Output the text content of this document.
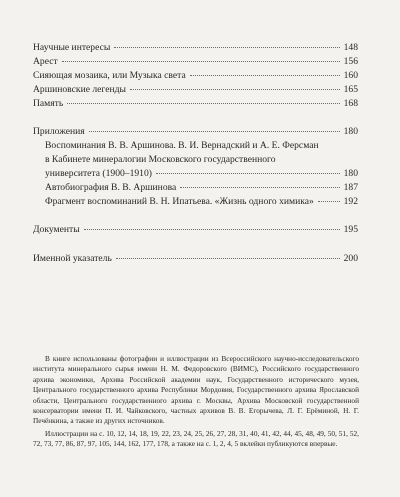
Научные интересы	148
Арест	156
Сияющая мозаика, или Музыка света	160
Аршиновские легенды	165
Память	168
Приложения	180
Воспоминания В. В. Аршинова. В. И. Вернадский и А. Е. Ферсман
в Кабинете минералогии Московского государственного
университета (1900–1910)	180
Автобиография В. В. Аршинова	187
Фрагмент воспоминаний В. Н. Ипатьева. «Жизнь одного химика»	192
Документы	195
Именной указатель	200

В книге использованы фотографии и иллюстрации из Всероссийского научно-исследовательского института минерального сырья имени Н. М. Федоровского (ВИМС), Российского государственного архива экономики, Архива Российской академии наук, Государственного исторического музея, Центрального государственного архива Республики Мордовия, Государственного архива Ярославской области, Центрального государственного архива г. Москвы, Архива Московской государственной консерватории имени П. И. Чайковского, частных архивов В. В. Егорычева, Л. Г. Ерёминой, Н. Г. Печёнкина, а также из других источников.

Иллюстрации на с. 10, 12, 14, 18, 19, 22, 23, 24, 25, 26, 27, 28, 31, 40, 41, 42, 44, 45, 48, 49, 50, 51, 52, 72, 73, 77, 86, 87, 97, 105, 144, 162, 177, 178, а также на с. 1, 2, 4, 5 вклейки публикуются впервые.
